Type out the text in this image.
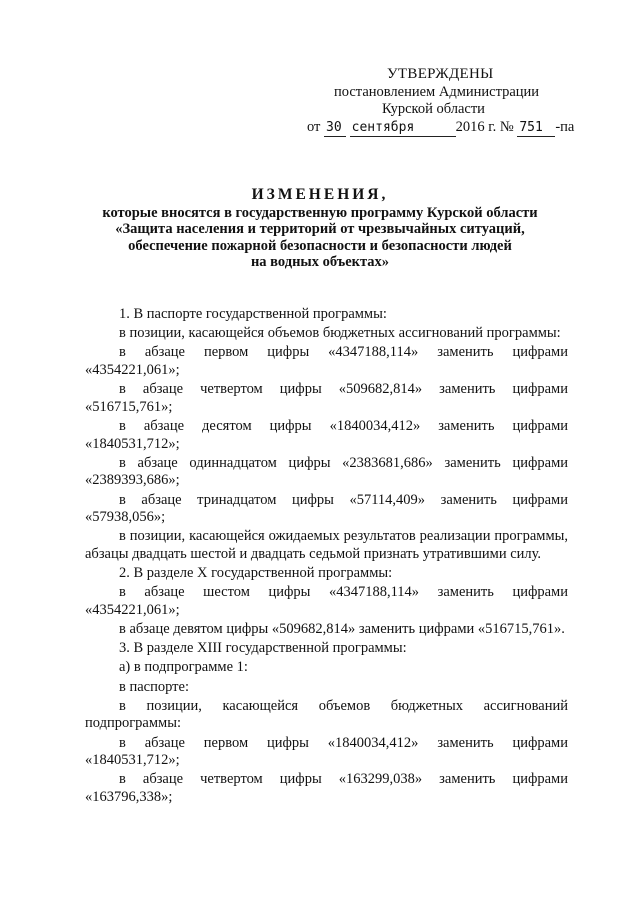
УТВЕРЖДЕНЫ
постановлением Администрации
Курской области
от 30 сентября	2016 г. № 751 -па
ИЗМЕНЕНИЯ,
которые вносятся в государственную программу Курской области
«Защита населения и территорий от чрезвычайных ситуаций,
обеспечение пожарной безопасности и безопасности людей
на водных объектах»

1. В паспорте государственной программы:

в позиции, касающейся объемов бюджетных ассигнований программы:

в абзаце первом цифры «4347188,114» заменить цифрами «4354221,061»;

в абзаце четвертом цифры «509682,814» заменить цифрами «516715,761»;

в абзаце десятом цифры «1840034,412» заменить цифрами «1840531,712»;

в абзаце одиннадцатом цифры «2383681,686» заменить цифрами «2389393,686»;

в абзаце тринадцатом цифры «57114,409» заменить цифрами «57938,056»;

в позиции, касающейся ожидаемых результатов реализации программы, абзацы двадцать шестой и двадцать седьмой признать утратившими силу.

2. В разделе X государственной программы:

в абзаце шестом цифры «4347188,114» заменить цифрами «4354221,061»;

в абзаце девятом цифры «509682,814» заменить цифрами «516715,761».

3. В разделе XIII государственной программы:

а) в подпрограмме 1:

в паспорте:

в позиции, касающейся объемов бюджетных ассигнований подпрограммы:

в абзаце первом цифры «1840034,412» заменить цифрами «1840531,712»;

в абзаце четвертом цифры «163299,038» заменить цифрами «163796,338»;
